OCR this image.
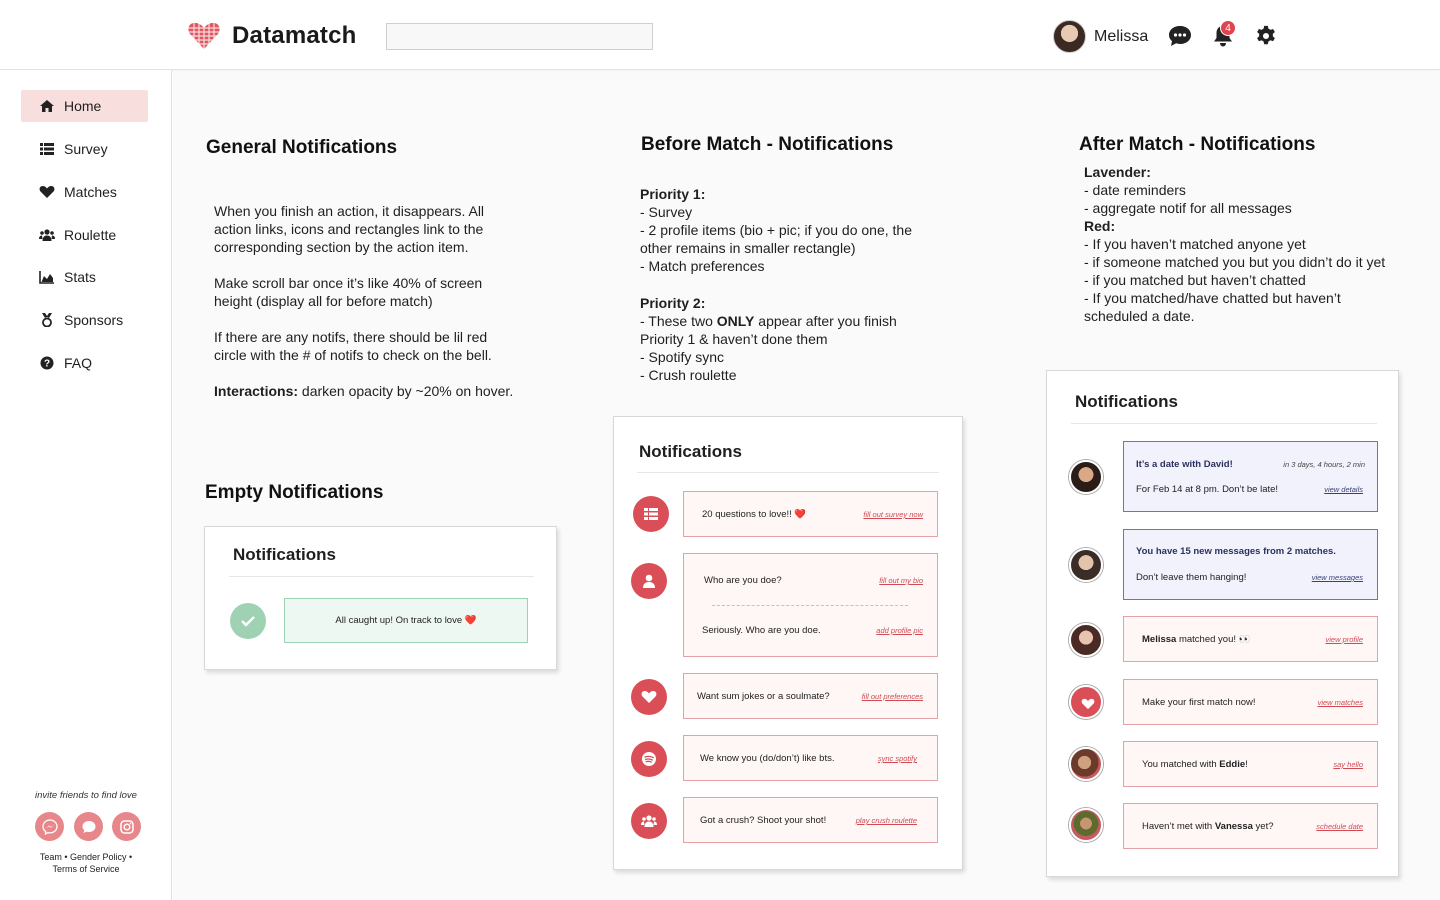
Datamatch	Melissa	4
Home
Survey
Matches
Roulette
Stats
Sponsors
? FAQ
invite friends to find love
Team • Gender Policy •
Terms of Service
General Notifications

When you finish an action, it disappears. All action links, icons and rectangles link to the corresponding section by the action item.

Make scroll bar once it’s like 40% of screen height (display all for before match)

If there are any notifs, there should be lil red circle with the # of notifs to check on the bell.

Interactions: darken opacity by ~20% on hover.

Empty Notifications
Notifications
All caught up! On track to love ❤️
Before Match - Notifications
Priority 1:
- Survey
- 2 profile items (bio + pic; if you do one, the other remains in smaller rectangle)
- Match preferences
Priority 2:
- These two ONLY appear after you finish Priority 1 & haven’t done them
- Spotify sync
- Crush roulette
Notifications
20 questions to love!! ❤️	fill out survey now
Who are you doe?	fill out my bio
Seriously. Who are you doe.	add profile pic
Want sum jokes or a soulmate?	fill out preferences
We know you (do/don’t) like bts.	sync spotify
Got a crush? Shoot your shot!	play crush roulette
After Match - Notifications
Lavender:
- date reminders
- aggregate notif for all messages
Red:
- If you haven’t matched anyone yet
- if someone matched you but you didn’t do it yet
- if you matched but haven’t chatted
- If you matched/have chatted but haven’t scheduled a date.
Notifications
It’s a date with David!	in 3 days, 4 hours, 2 min
For Feb 14 at 8 pm. Don’t be late!	view details
You have 15 new messages from 2 matches.
Don’t leave them hanging!	view messages
Melissa matched you! 👀	view profile
Make your first match now!	view matches
You matched with Eddie!	say hello
Haven’t met with Vanessa yet?	schedule date
